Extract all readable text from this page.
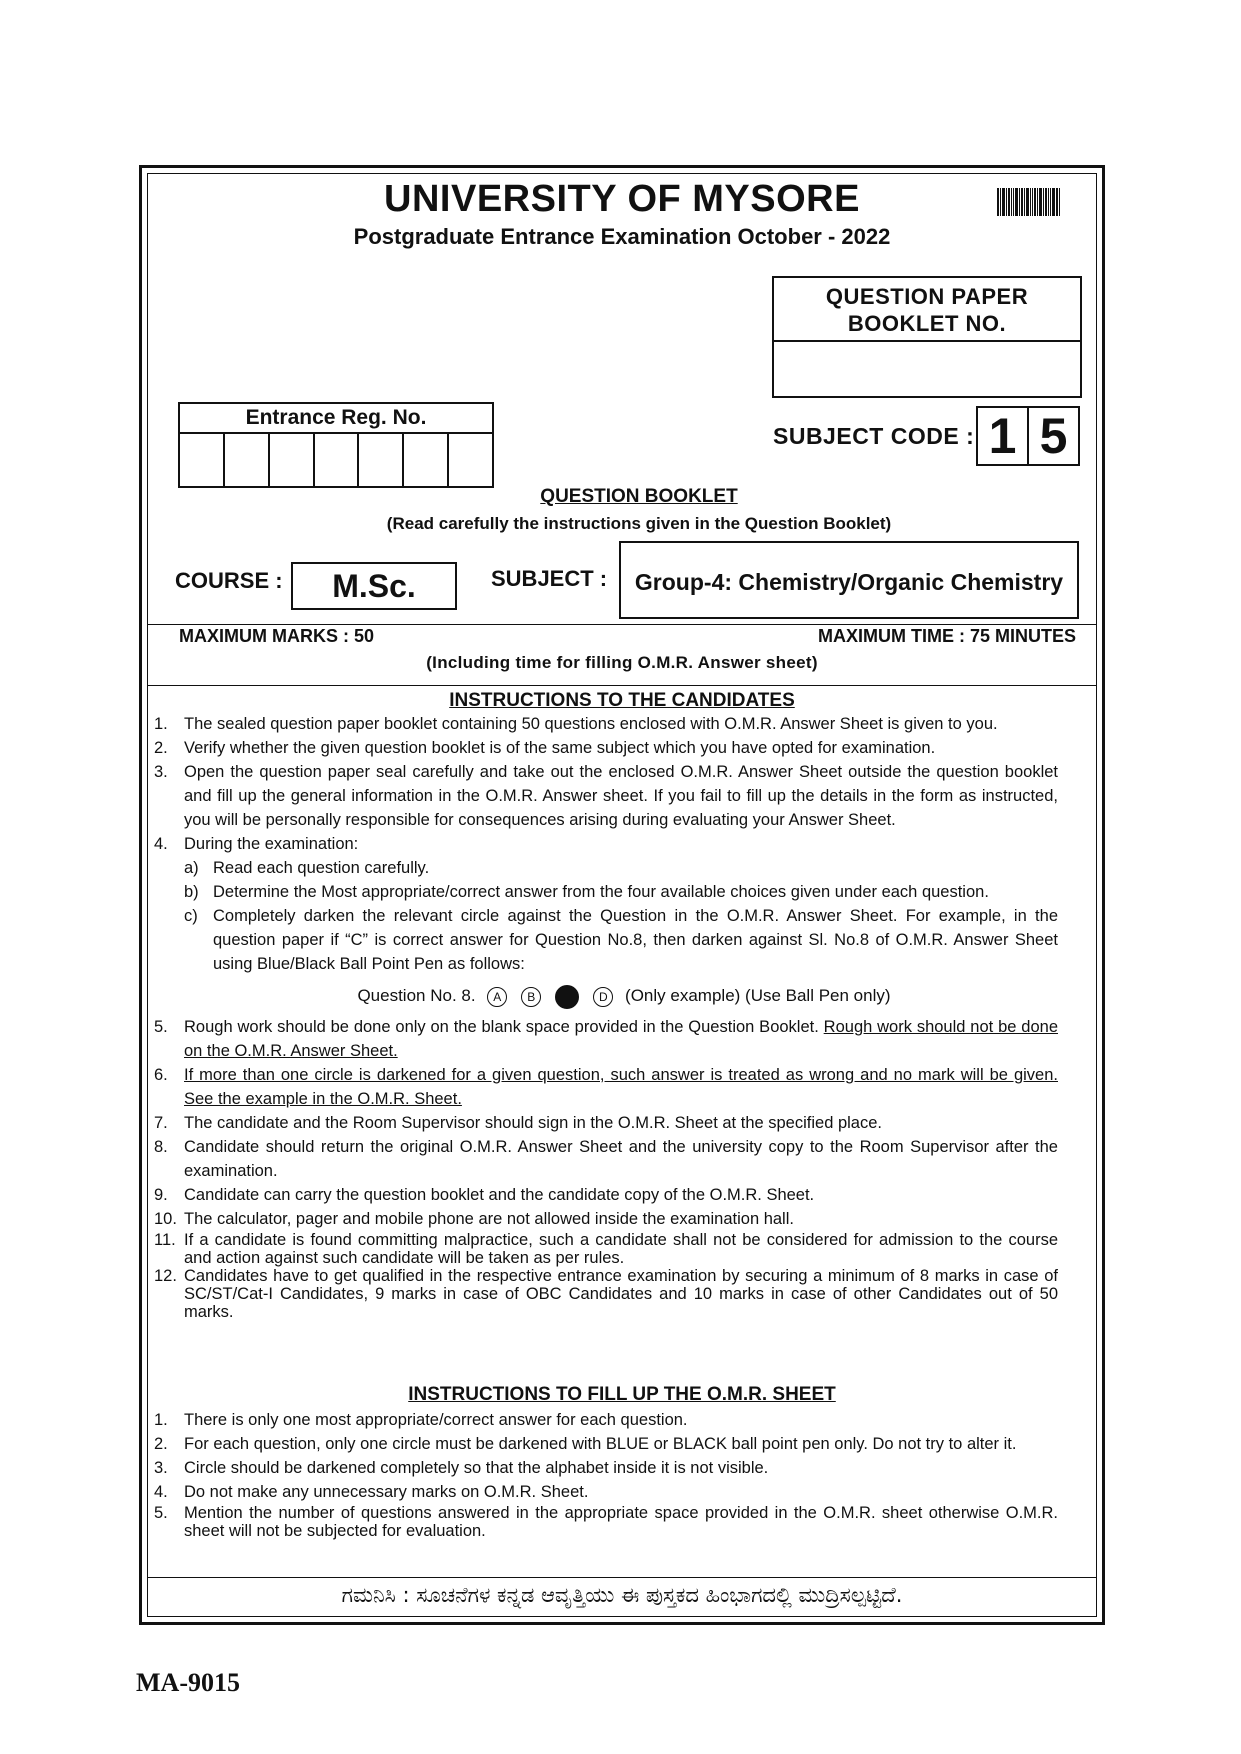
UNIVERSITY OF MYSORE
Postgraduate Entrance Examination October - 2022
QUESTION PAPER
BOOKLET NO.
Entrance Reg. No.
SUBJECT CODE : 1 5
QUESTION BOOKLET
(Read carefully the instructions given in the Question Booklet)
COURSE :	M.Sc.	SUBJECT :	Group-4: Chemistry/Organic Chemistry
MAXIMUM MARKS : 50	MAXIMUM TIME : 75 MINUTES
(Including time for filling O.M.R. Answer sheet)
INSTRUCTIONS TO THE CANDIDATES
1. The sealed question paper booklet containing 50 questions enclosed with O.M.R. Answer Sheet is given to you.
2. Verify whether the given question booklet is of the same subject which you have opted for examination.
3. Open the question paper seal carefully and take out the enclosed O.M.R. Answer Sheet outside the question booklet and fill up the general information in the O.M.R. Answer sheet. If you fail to fill up the details in the form as instructed, you will be personally responsible for consequences arising during evaluating your Answer Sheet.
4. During the examination:
a) Read each question carefully.
b) Determine the Most appropriate/correct answer from the four available choices given under each question.
c) Completely darken the relevant circle against the Question in the O.M.R. Answer Sheet. For example, in the question paper if “C” is correct answer for Question No.8, then darken against Sl. No.8 of O.M.R. Answer Sheet using Blue/Black Ball Point Pen as follows:
Question No. 8. A B	D (Only example) (Use Ball Pen only)
5. Rough work should be done only on the blank space provided in the Question Booklet. Rough work should not be done on the O.M.R. Answer Sheet.
6. If more than one circle is darkened for a given question, such answer is treated as wrong and no mark will be given. See the example in the O.M.R. Sheet.
7. The candidate and the Room Supervisor should sign in the O.M.R. Sheet at the specified place.
8. Candidate should return the original O.M.R. Answer Sheet and the university copy to the Room Supervisor after the examination.
9. Candidate can carry the question booklet and the candidate copy of the O.M.R. Sheet.
10. The calculator, pager and mobile phone are not allowed inside the examination hall.
11. If a candidate is found committing malpractice, such a candidate shall not be considered for admission to the course and action against such candidate will be taken as per rules.
12. Candidates have to get qualified in the respective entrance examination by securing a minimum of 8 marks in case of SC/ST/Cat-I Candidates, 9 marks in case of OBC Candidates and 10 marks in case of other Candidates out of 50 marks.
INSTRUCTIONS TO FILL UP THE O.M.R. SHEET
1. There is only one most appropriate/correct answer for each question.
2. For each question, only one circle must be darkened with BLUE or BLACK ball point pen only. Do not try to alter it.
3. Circle should be darkened completely so that the alphabet inside it is not visible.
4. Do not make any unnecessary marks on O.M.R. Sheet.
5. Mention the number of questions answered in the appropriate space provided in the O.M.R. sheet otherwise O.M.R. sheet will not be subjected for evaluation.
ಗಮನಿಸಿ : ಸೂಚನೆಗಳ ಕನ್ನಡ ಆವೃತ್ತಿಯು ಈ ಪುಸ್ತಕದ ಹಿಂಭಾಗದಲ್ಲಿ ಮುದ್ರಿಸಲ್ಪಟ್ಟಿದೆ.
MA-9015
